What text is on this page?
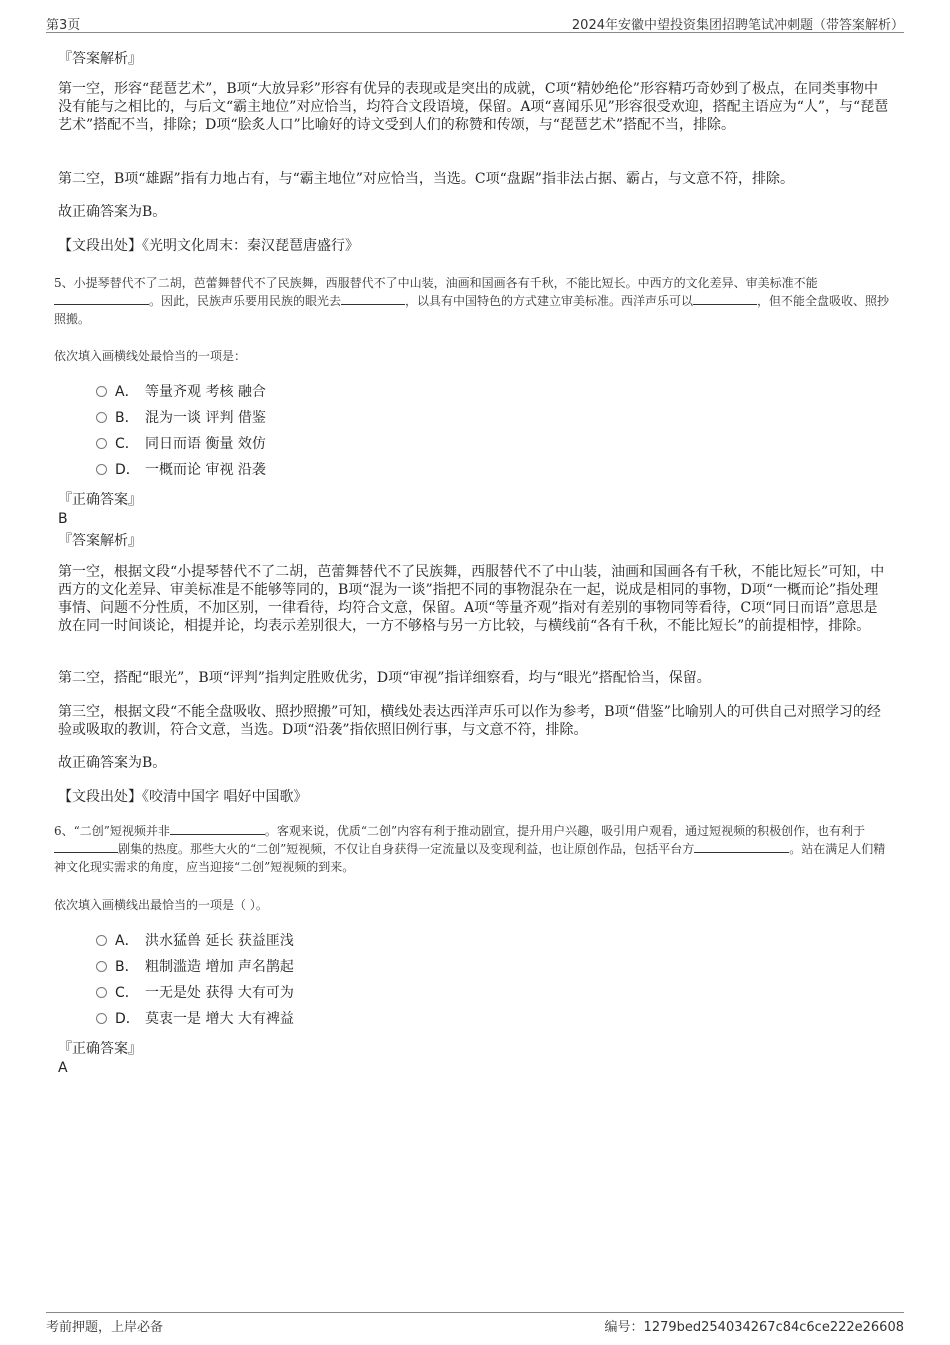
第3页	2024年安徽中望投资集团招聘笔试冲刺题（带答案解析）
『答案解析』

第一空，形容“琵琶艺术”，B项“大放异彩”形容有优异的表现或是突出的成就，C项“精妙绝伦”形容精巧奇妙到了极点，在同类事物中没有能与之相比的，与后文“霸主地位”对应恰当，均符合文段语境，保留。A项“喜闻乐见”形容很受欢迎，搭配主语应为“人”，与“琵琶艺术”搭配不当，排除；D项“脍炙人口”比喻好的诗文受到人们的称赞和传颂，与“琵琶艺术”搭配不当，排除。

第二空，B项“雄踞”指有力地占有，与“霸主地位”对应恰当，当选。C项“盘踞”指非法占据、霸占，与文意不符，排除。

故正确答案为B。

【文段出处】《光明文化周末：秦汉琵琶唐盛行》

5、小提琴替代不了二胡，芭蕾舞替代不了民族舞，西服替代不了中山装，油画和国画各有千秋，不能比短长。中西方的文化差异、审美标准不能。因此，民族声乐要用民族的眼光去	，以具有中国特色的方式建立审美标准。西洋声乐可以	，但不能全盘吸收、照抄照搬。

依次填入画横线处最恰当的一项是：

A． 等量齐观 考核 融合
B． 混为一谈 评判 借鉴
C． 同日而语 衡量 效仿
D． 一概而论 审视 沿袭
『正确答案』
B
『答案解析』

第一空，根据文段“小提琴替代不了二胡，芭蕾舞替代不了民族舞，西服替代不了中山装，油画和国画各有千秋，不能比短长”可知，中西方的文化差异、审美标准是不能够等同的，B项“混为一谈”指把不同的事物混杂在一起，说成是相同的事物，D项“一概而论”指处理事情、问题不分性质，不加区别，一律看待，均符合文意，保留。A项“等量齐观”指对有差别的事物同等看待，C项“同日而语”意思是放在同一时间谈论，相提并论，均表示差别很大，一方不够格与另一方比较，与横线前“各有千秋，不能比短长”的前提相悖，排除。

第二空，搭配“眼光”，B项“评判”指判定胜败优劣，D项“审视”指详细察看，均与“眼光”搭配恰当，保留。

第三空，根据文段“不能全盘吸收、照抄照搬”可知，横线处表达西洋声乐可以作为参考，B项“借鉴”比喻别人的可供自己对照学习的经验或吸取的教训，符合文意，当选。D项“沿袭”指依照旧例行事，与文意不符，排除。

故正确答案为B。

【文段出处】《咬清中国字 唱好中国歌》

6、“二创”短视频并非	。客观来说，优质“二创”内容有利于推动剧宣，提升用户兴趣，吸引用户观看，通过短视频的积极创作，也有利于剧集的热度。那些大火的“二创”短视频，不仅让自身获得一定流量以及变现利益，也让原创作品，包括平台方	。站在满足人们精神文化现实需求的角度，应当迎接“二创”短视频的到来。

依次填入画横线出最恰当的一项是（ ）。

A． 洪水猛兽 延长 获益匪浅
B． 粗制滥造 增加 声名鹊起
C． 一无是处 获得 大有可为
D． 莫衷一是 增大 大有裨益
『正确答案』
A
考前押题，上岸必备	编号：1279bed254034267c84c6ce222e26608
